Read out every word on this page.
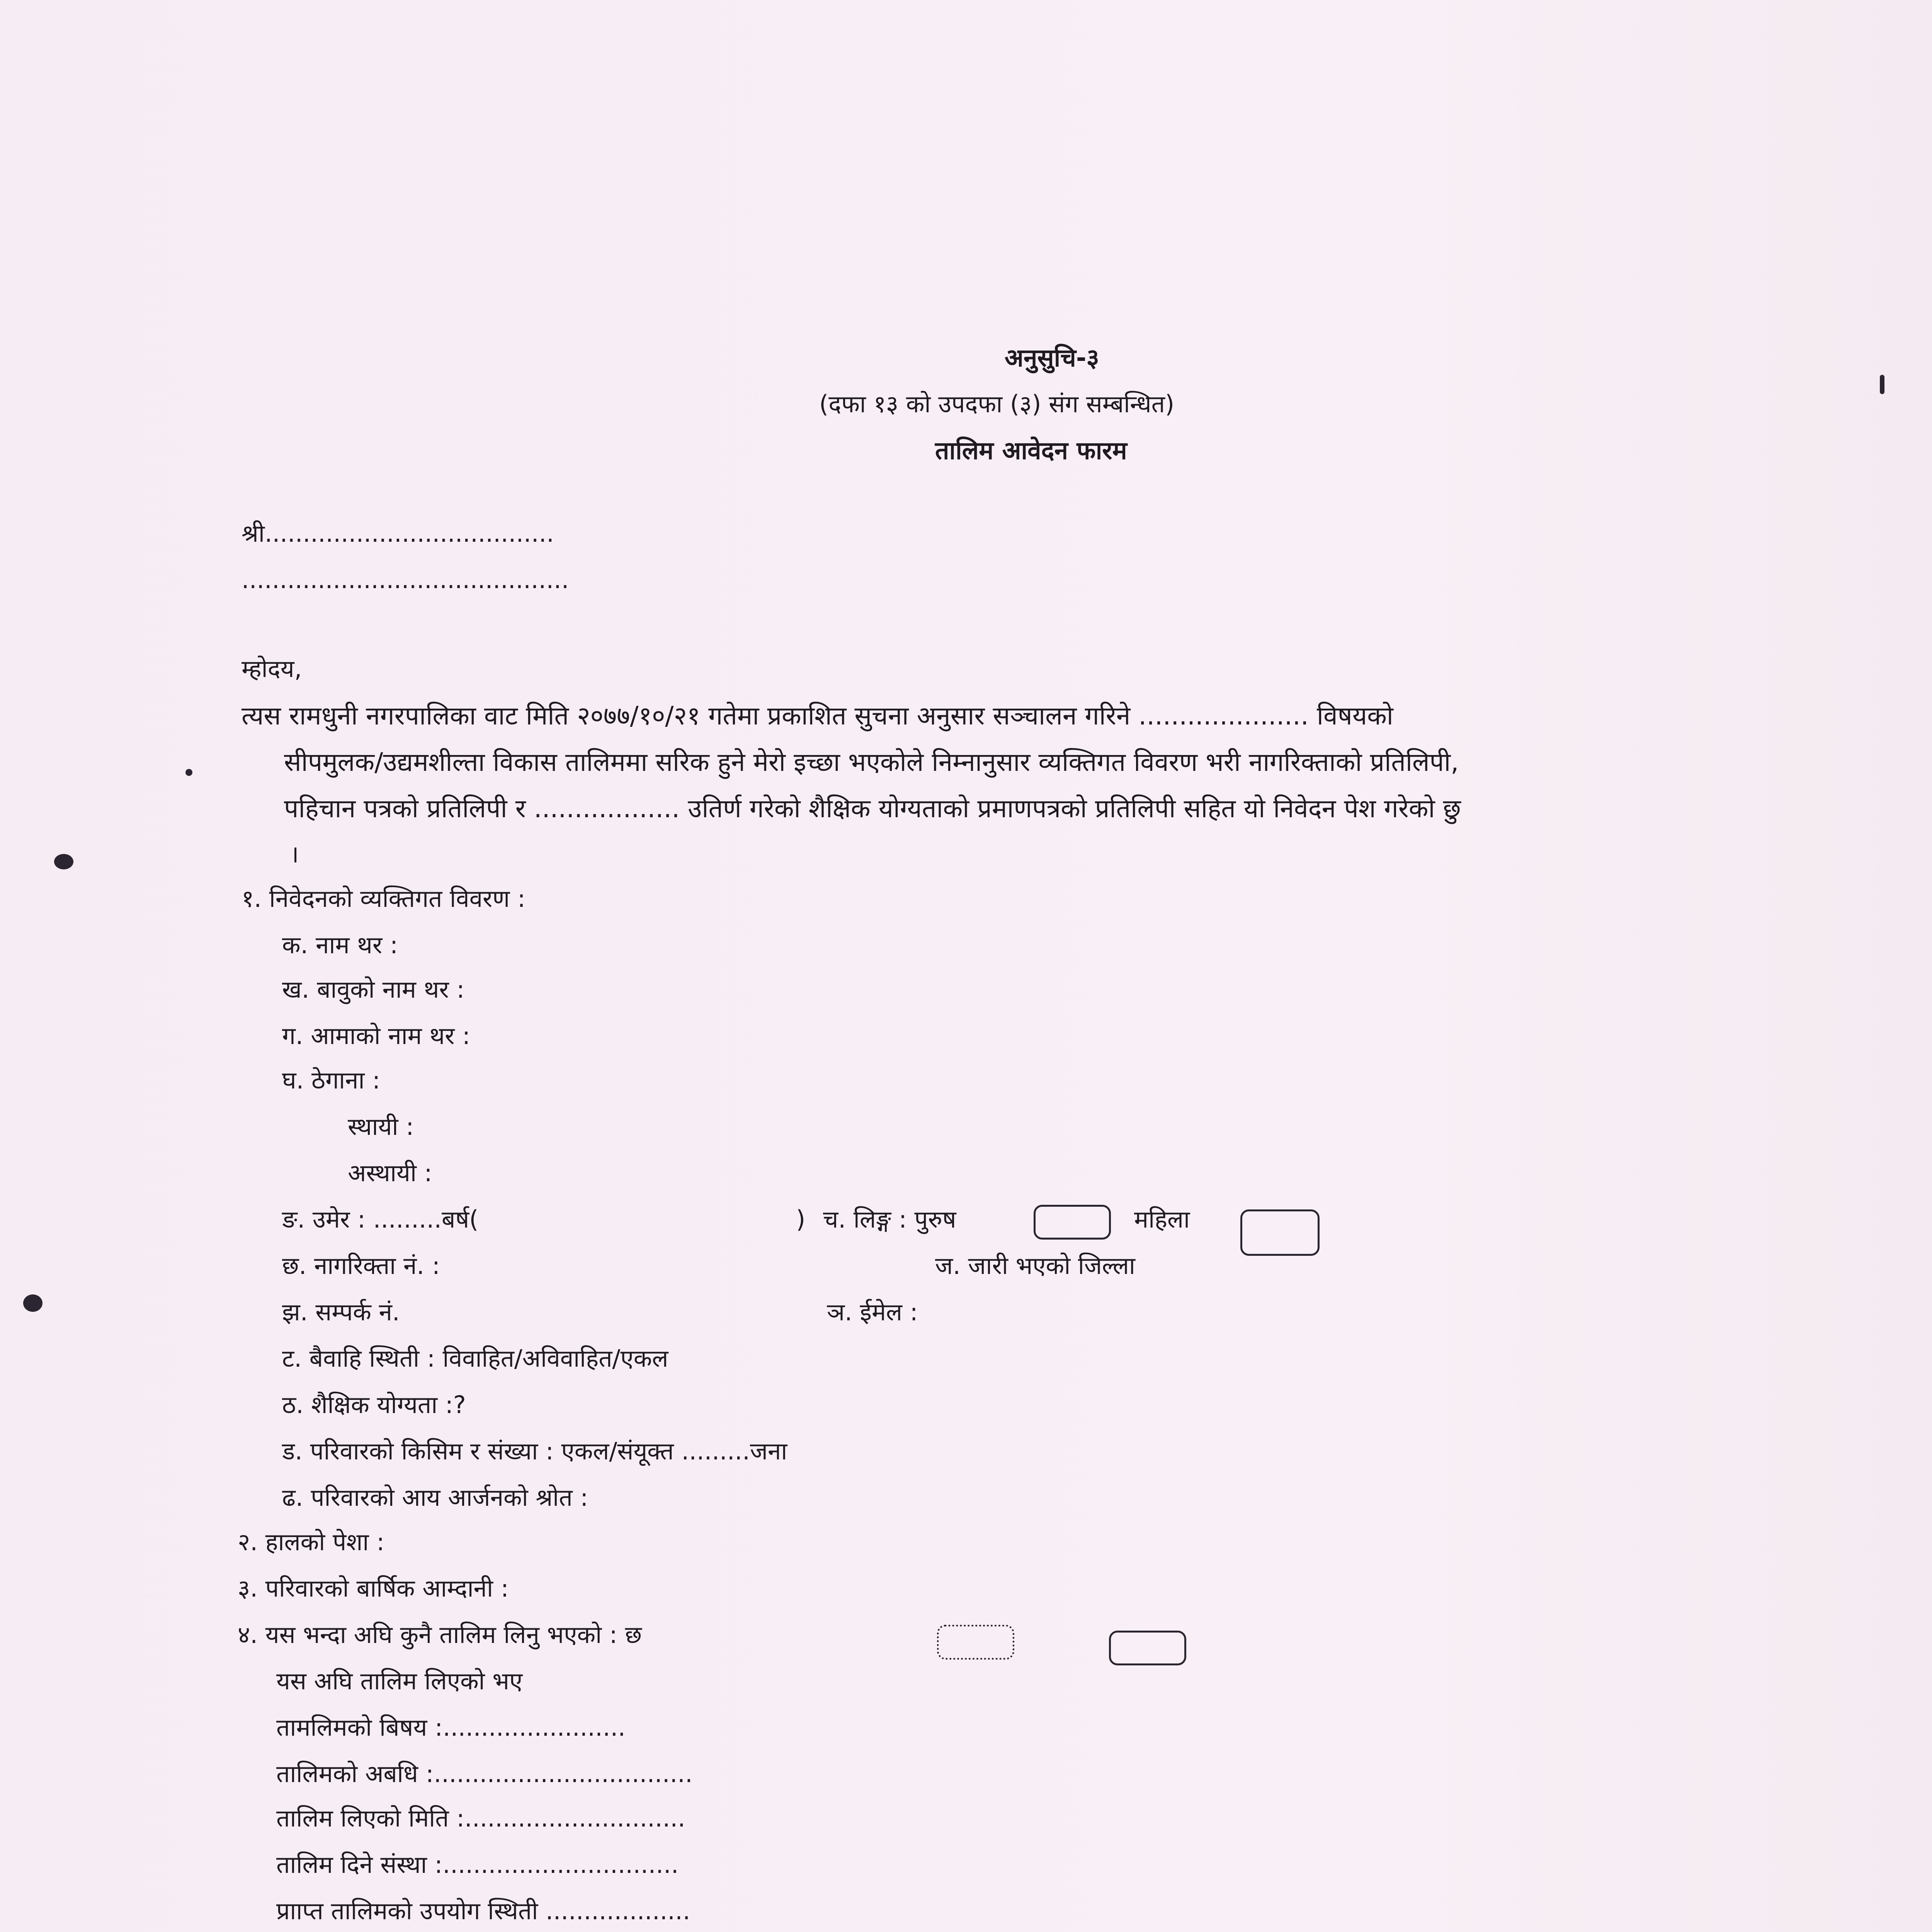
अनुसुचि-३
(दफा १३ को उपदफा (३) संग सम्बन्धित)
तालिम आवेदन फारम
श्री......................................
...........................................
म्होदय,
त्यस रामधुनी नगरपालिका वाट मिति २०७७/१०/२१ गतेमा प्रकाशित सुचना अनुसार सञ्चालन गरिने ..................... विषयको
सीपमुलक/उद्यमशील्ता विकास तालिममा सरिक हुने मेरो इच्छा भएकोले निम्नानुसार व्यक्तिगत विवरण भरी नागरिक्ताको प्रतिलिपी,
पहिचान पत्रको प्रतिलिपी र .................. उतिर्ण गरेको शैक्षिक योग्यताको प्रमाणपत्रको प्रतिलिपी सहित यो निवेदन पेश गरेको छु
।
१. निवेदनको व्यक्तिगत विवरण :
क. नाम थर :
ख. बावुको नाम थर :
ग. आमाको नाम थर :
घ. ठेगाना :
स्थायी :
अस्थायी :
ङ. उमेर : .........बर्ष(	) च. लिङ्ग : पुरुष	महिला
छ. नागरिक्ता नं. :	ज. जारी भएको जिल्ला
झ. सम्पर्क नं.	ञ. ईमेल :
ट. बैवाहि स्थिती : विवाहित/अविवाहित/एकल
ठ. शैक्षिक योग्यता :?
ड. परिवारको किसिम र संख्या : एकल/संयूक्त .........जना
ढ. परिवारको आय आर्जनको श्रोत :
२. हालको पेशा :
३. परिवारको बार्षिक आम्दानी :
४. यस भन्दा अघि कुनै तालिम लिनु भएको : छ
यस अघि तालिम लिएको भए
तामलिमको बिषय :........................
तालिमको अबधि :..................................
तालिम लिएको मिति :.............................
तालिम दिने संस्था :...............................
प्रााप्त तालिमको उपयोग स्थिती ...................
